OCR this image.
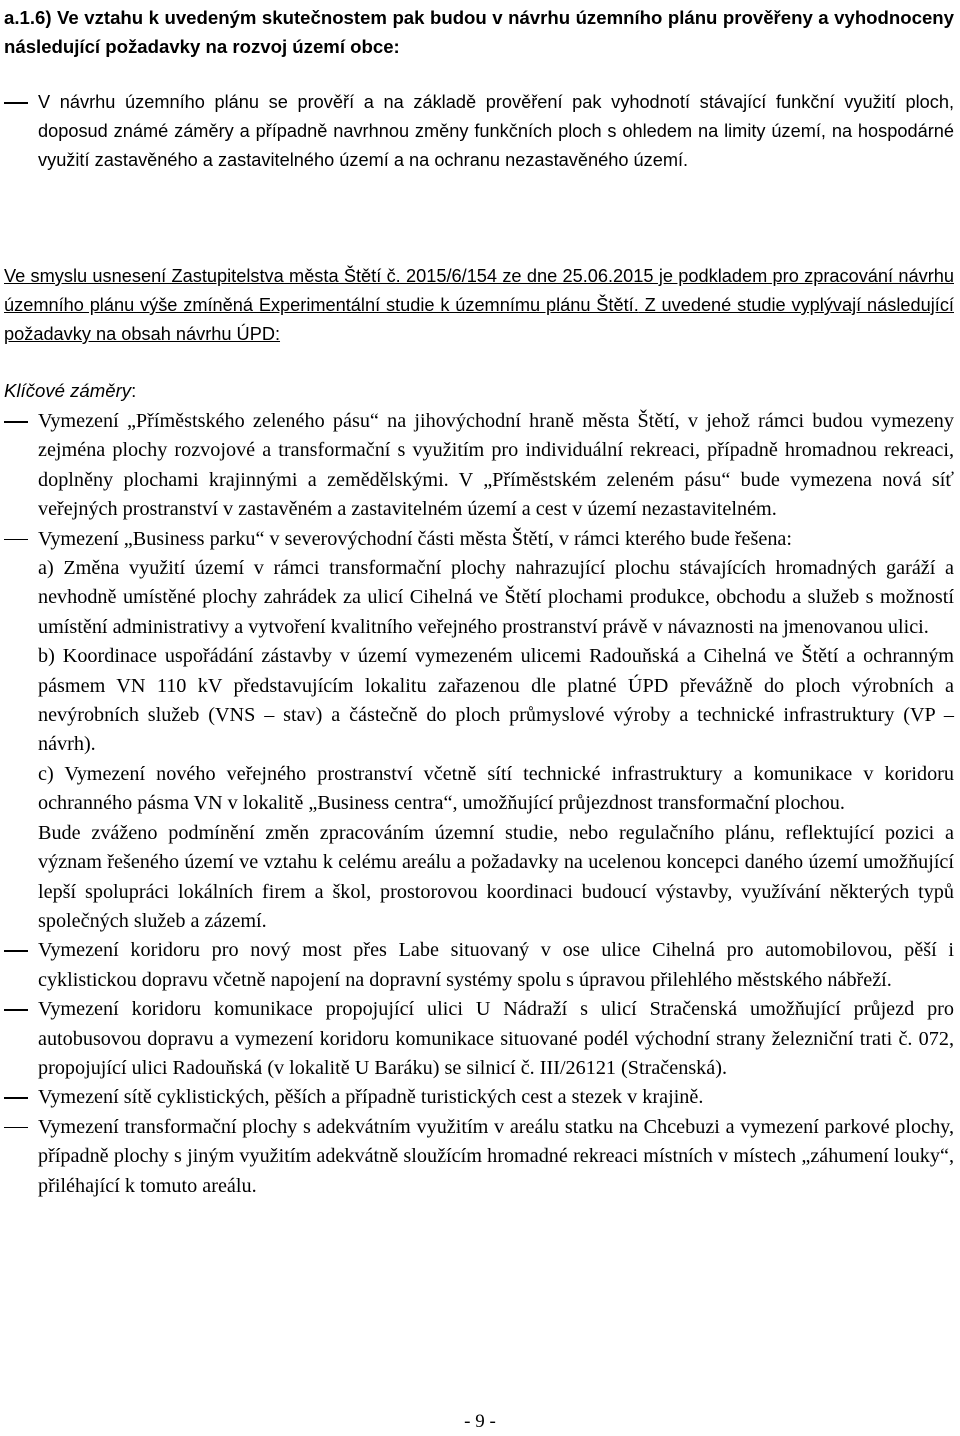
a.1.6) Ve vztahu k uvedeným skutečnostem pak budou v návrhu územního plánu prověřeny a vyhodnoceny následující požadavky na rozvoj území obce:
V návrhu územního plánu se prověří a na základě prověření pak vyhodnotí stávající funkční využití ploch, doposud známé záměry a případně navrhnou změny funkčních ploch s ohledem na limity území, na hospodárné využití zastavěného a zastavitelného území a na ochranu nezastavěného území.
Ve smyslu usnesení Zastupitelstva města Štětí č. 2015/6/154 ze dne 25.06.2015 je podkladem pro zpracování návrhu územního plánu výše zmíněná Experimentální studie k územnímu plánu Štětí. Z uvedené studie vyplývají následující požadavky na obsah návrhu ÚPD:
Klíčové záměry:

Vymezení „Příměstského zeleného pásu“ na jihovýchodní hraně města Štětí, v jehož rámci budou vymezeny zejména plochy rozvojové a transformační s využitím pro individuální rekreaci, případně hromadnou rekreaci, doplněny plochami krajinnými a zemědělskými. V „Příměstském zeleném pásu“ bude vymezena nová síť veřejných prostranství v zastavěném a zastavitelném území a cest v území nezastavitelném.

Vymezení „Business parku“ v severovýchodní části města Štětí, v rámci kterého bude řešena:

a) Změna využití území v rámci transformační plochy nahrazující plochu stávajících hromadných garáží a nevhodně umístěné plochy zahrádek za ulicí Cihelná ve Štětí plochami produkce, obchodu a služeb s možností umístění administrativy a vytvoření kvalitního veřejného prostranství právě v návaznosti na jmenovanou ulici.

b) Koordinace uspořádání zástavby v území vymezeném ulicemi Radouňská a Cihelná ve Štětí a ochranným pásmem VN 110 kV představujícím lokalitu zařazenou dle platné ÚPD převážně do ploch výrobních a nevýrobních služeb (VNS – stav) a částečně do ploch průmyslové výroby a technické infrastruktury (VP – návrh).

c) Vymezení nového veřejného prostranství včetně sítí technické infrastruktury a komunikace v koridoru ochranného pásma VN v lokalitě „Business centra“, umožňující průjezdnost transformační plochou.

Bude zváženo podmínění změn zpracováním územní studie, nebo regulačního plánu, reflektující pozici a význam řešeného území ve vztahu k celému areálu a požadavky na ucelenou koncepci daného území umožňující lepší spolupráci lokálních firem a škol, prostorovou koordinaci budoucí výstavby, využívání některých typů společných služeb a zázemí.

Vymezení koridoru pro nový most přes Labe situovaný v ose ulice Cihelná pro automobilovou, pěší i cyklistickou dopravu včetně napojení na dopravní systémy spolu s úpravou přilehlého městského nábřeží.

Vymezení koridoru komunikace propojující ulici U Nádraží s ulicí Stračenská umožňující průjezd pro autobusovou dopravu a vymezení koridoru komunikace situované podél východní strany železniční trati č. 072, propojující ulici Radouňská (v lokalitě U Baráku) se silnicí č. III/26121 (Stračenská).

Vymezení sítě cyklistických, pěších a případně turistických cest a stezek v krajině.

Vymezení transformační plochy s adekvátním využitím v areálu statku na Chcebuzi a vymezení parkové plochy, případně plochy s jiným využitím adekvátně sloužícím hromadné rekreaci místních v místech „záhumení louky“, přiléhající k tomuto areálu.

- 9 -
